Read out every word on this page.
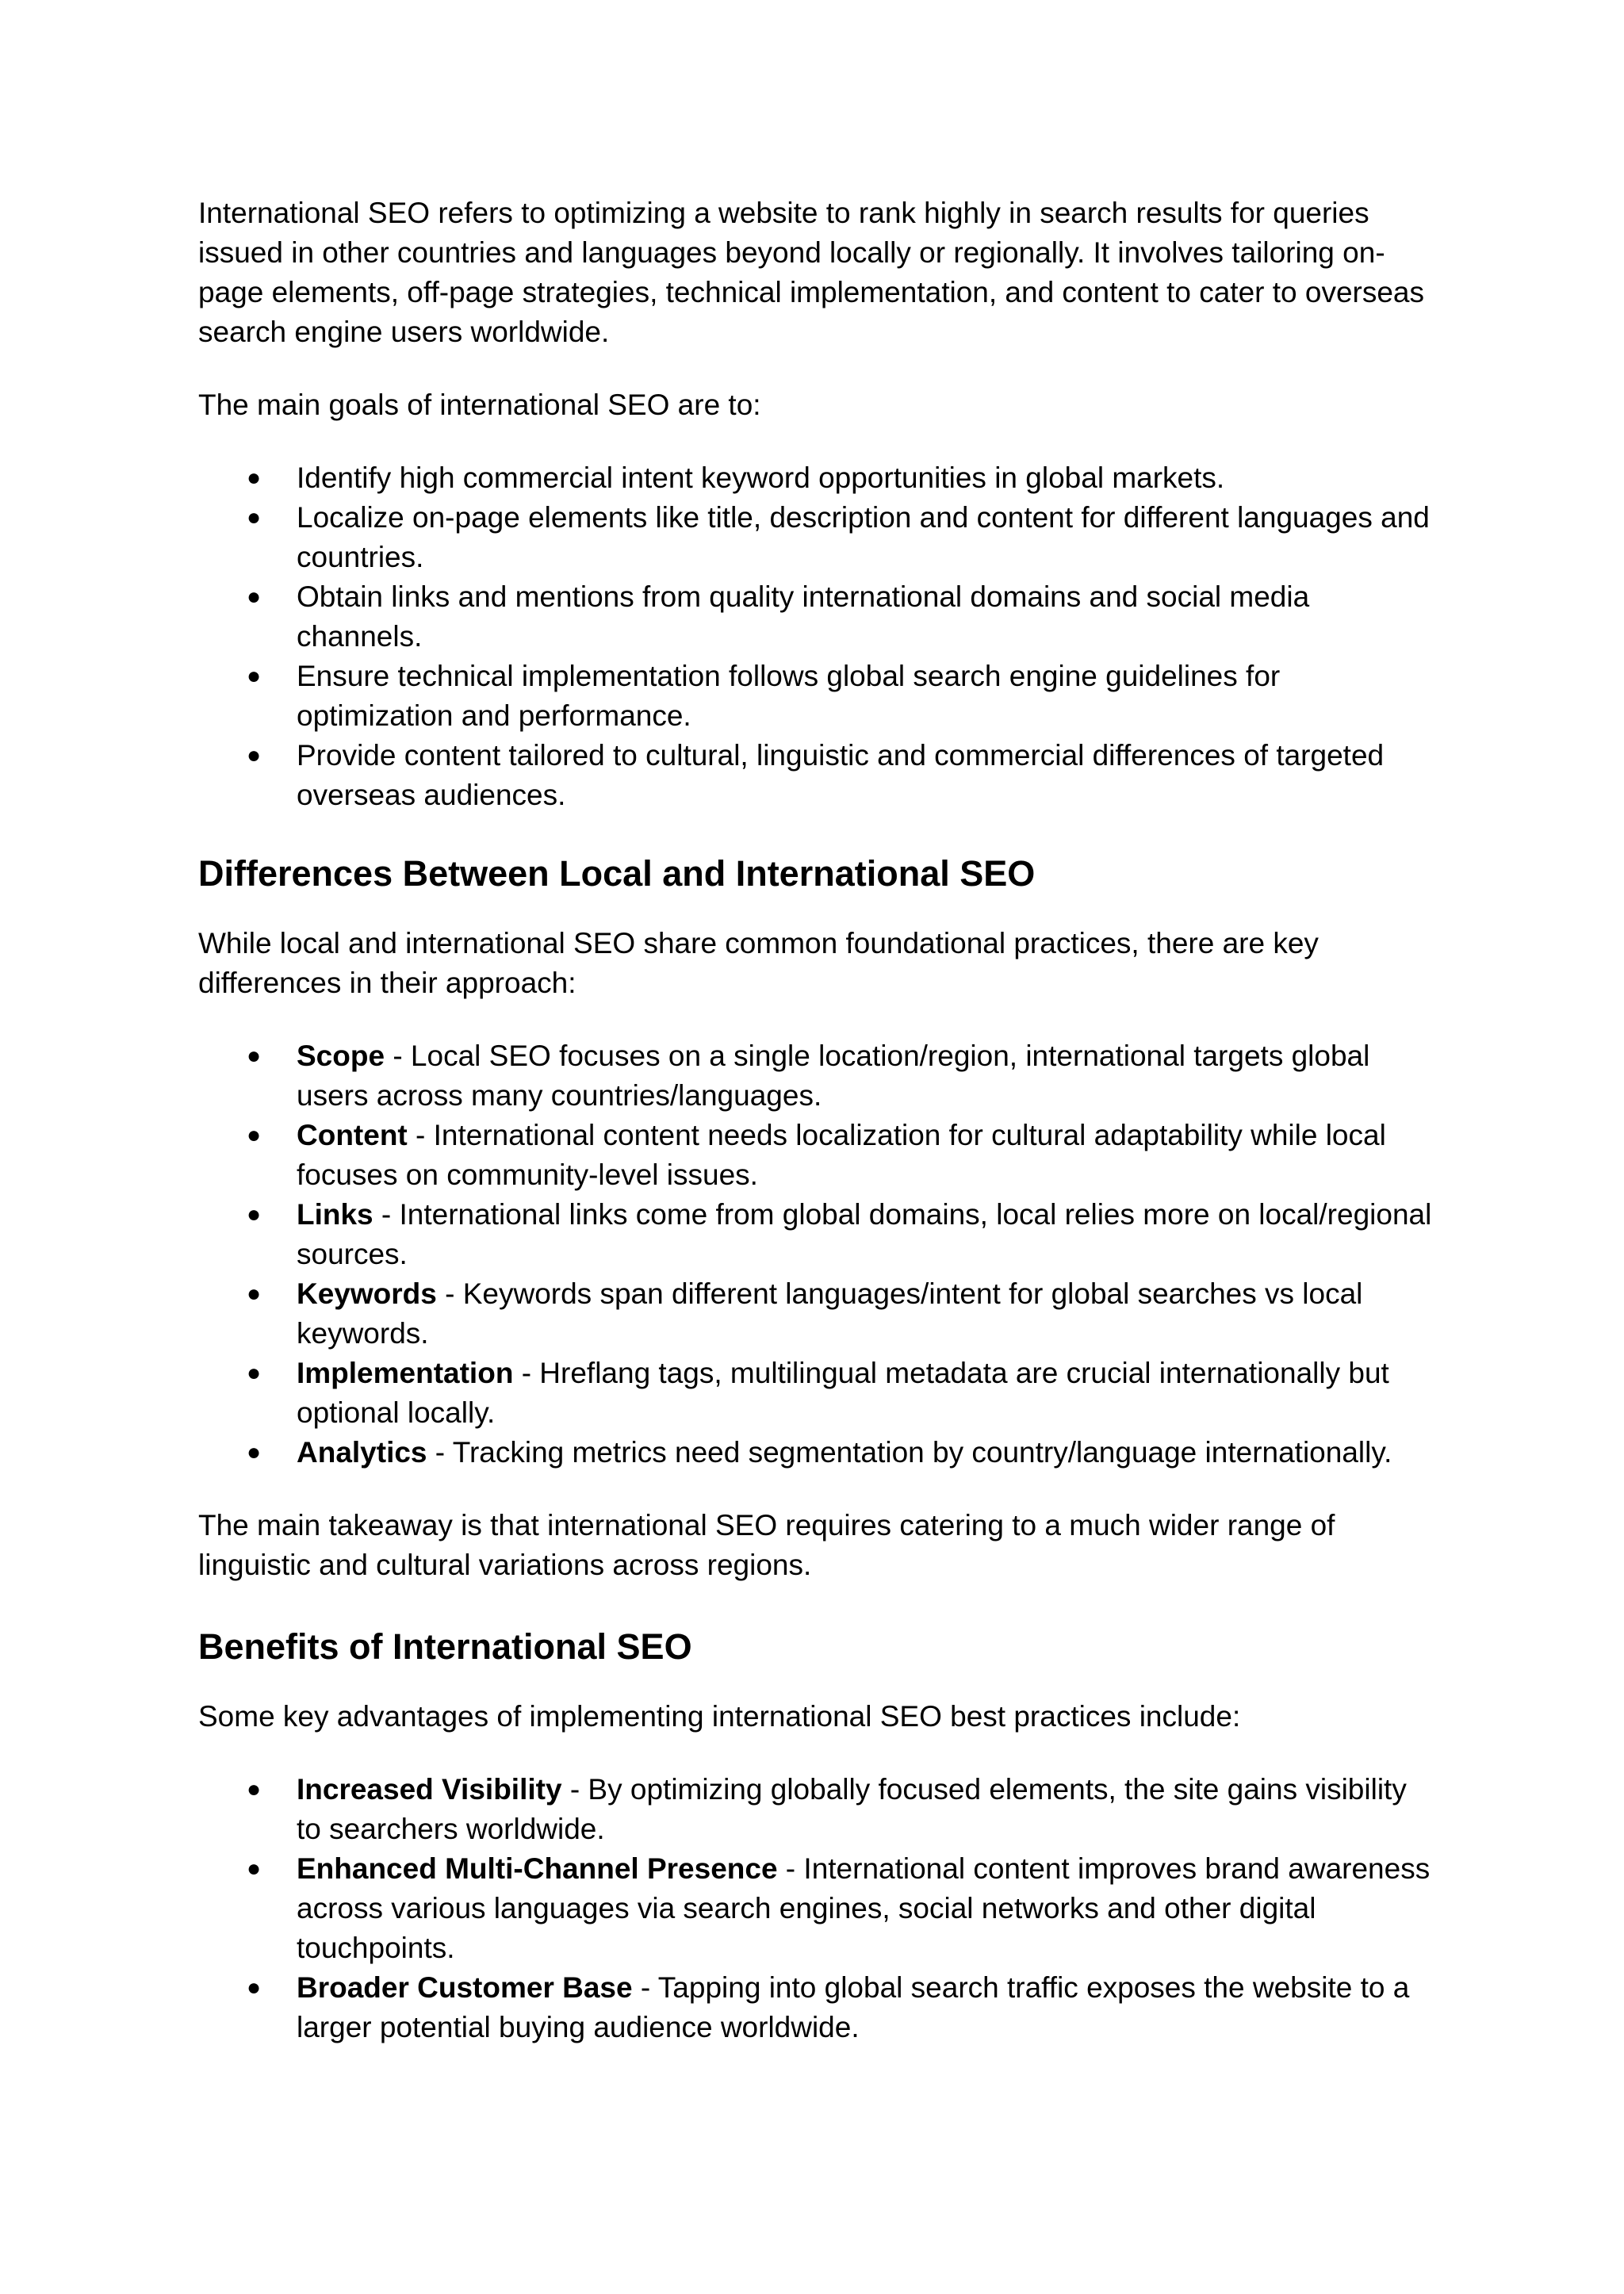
International SEO refers to optimizing a website to rank highly in search results for queries issued in other countries and languages beyond locally or regionally. It involves tailoring on-page elements, off-page strategies, technical implementation, and content to cater to overseas search engine users worldwide.

The main goals of international SEO are to:

● Identify high commercial intent keyword opportunities in global markets.
● Localize on-page elements like title, description and content for different languages and countries.
● Obtain links and mentions from quality international domains and social media channels.
● Ensure technical implementation follows global search engine guidelines for optimization and performance.
● Provide content tailored to cultural, linguistic and commercial differences of targeted overseas audiences.
Differences Between Local and International SEO

While local and international SEO share common foundational practices, there are key differences in their approach:

● Scope - Local SEO focuses on a single location/region, international targets global users across many countries/languages.
● Content - International content needs localization for cultural adaptability while local focuses on community-level issues.
● Links - International links come from global domains, local relies more on local/regional sources.
● Keywords - Keywords span different languages/intent for global searches vs local keywords.
● Implementation - Hreflang tags, multilingual metadata are crucial internationally but optional locally.
● Analytics - Tracking metrics need segmentation by country/language internationally.

The main takeaway is that international SEO requires catering to a much wider range of linguistic and cultural variations across regions.

Benefits of International SEO

Some key advantages of implementing international SEO best practices include:

● Increased Visibility - By optimizing globally focused elements, the site gains visibility to searchers worldwide.
● Enhanced Multi-Channel Presence - International content improves brand awareness across various languages via search engines, social networks and other digital touchpoints.
● Broader Customer Base - Tapping into global search traffic exposes the website to a larger potential buying audience worldwide.
